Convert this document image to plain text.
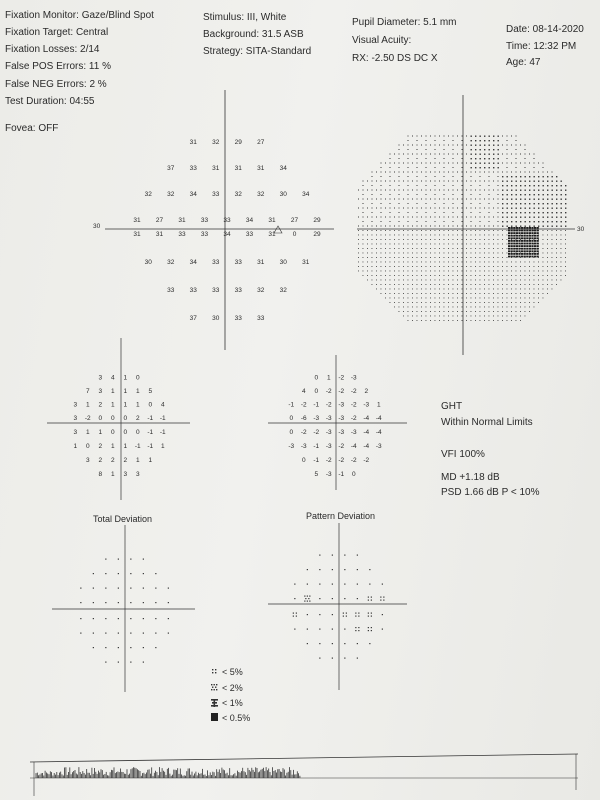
Fixation Monitor: Gaze/Blind Spot
Fixation Target: Central
Fixation Losses: 2/14
False POS Errors: 11 %
False NEG Errors: 2 %
Test Duration: 04:55
Fovea: OFF
Stimulus: III, White
Background: 31.5 ASB
Strategy: SITA-Standard
Pupil Diameter: 5.1 mm
Visual Acuity:
RX: -2.50 DS DC X
Date: 08-14-2020
Time: 12:32 PM
Age: 47
GHT
Within Normal Limits
VFI 100%
MD +1.18 dB
PSD 1.66 dB P < 10%
Total Deviation	Pattern Deviation
< 5%
< 2%
< 1%
< 0.5%
30
31 32 29 27
37 33 31 31 31 34
32 32 34 33 32 32 30 34
31 27 31 33 33 34 31 27 29
31 31 33 33 34 33 31	0	29
30 32 34 33 33 31 30 31
33 33 33 33 32 32
37 30 33 33
30
3 4 1 0
7 3 1 1 1 5
3 1 2 1 1 1 0 4
3 -2 0 0 0 2 -1 -1
3 1 1 0 0 0 -1 -1
1 0 2 1 1 -1 -1 1
3 2 2 2 1 1
8 1 3 3
0 1 -2 -3
4 0 -2 -2 -2 2
-1 -2 -1 -2 -3 -2 -3 1
0 -6 -3 -3 -3 -2 -4 -4
0 -2 -2 -3 -3 -3 -4 -4
-3 -3 -1 -3 -2 -4 -4 -3
0 -1 -2 -2 -2 -2
5 -3 -1 0
